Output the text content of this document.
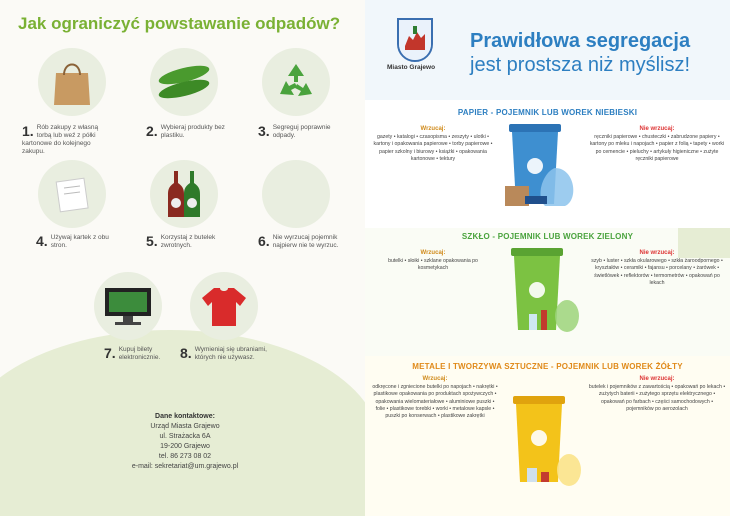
Jak ograniczyć powstawanie odpadów?
1. Rób zakupy z własną torbą lub weź z półki kartonowe do kolejnego zakupu.
2. Wybieraj produkty bez plastiku.	3. Segreguj poprawnie odpady.
4. Używaj kartek z obu stron.	5. Korzystaj z butelek zwrotnych.	6. Nie wyrzucaj pojemnik najpierw nie te wyrzuc.
7. Kupuj bilety elektronicznie.	8. Wymieniaj się ubraniami, których nie używasz.
Dane kontaktowe:
Urząd Miasta Grajewo
ul. Strażacka 6A
19-200 Grajewo
tel. 86 273 08 02
e-mail: sekretariat@um.grajewo.pl
Miasto Grajewo
Prawidłowa segregacja
jest prostsza niż myślisz!
PAPIER - POJEMNIK LUB WOREK NIEBIESKI
Wrzucaj:
gazety • katalogi • czasopisma • zeszyty • ulotki • kartony i opakowania papierowe • torby papierowe • papier szkolny i biurowy • książki • opakowania kartonowe • tektury
Nie wrzucaj:
ręczniki papierowe • chusteczki • zabrudzone papiery • kartony po mleku i napojach • papier z folią • tapety • worki po cemencie • pieluchy • artykuły higieniczne • zużyte ręczniki papierowe
SZKŁO - POJEMNIK LUB WOREK ZIELONY
Wrzucaj:
butelki • słoiki • szklane opakowania po kosmetykach
Nie wrzucaj:
szyb • luster • szkła okularowego • szkła żaroodpornego • kryształów • ceramiki • fajansu • porcelany • żarówek • świetlówek • reflektorów • termometrów • opakowań po lekach
METALE I TWORZYWA SZTUCZNE - POJEMNIK LUB WOREK ŻÓŁTY
Wrzucaj:
odkręcone i zgniecione butelki po napojach • nakrętki • plastikowe opakowania po produktach spożywczych • opakowania wielomateriałowe • aluminiowe puszki • folie • plastikowe torebki • worki • metalowe kapsle • puszki po konserwach • plastikowe zakrętki
Nie wrzucaj:
butelek i pojemników z zawartością • opakowań po lekach • zużytych baterii • zużytego sprzętu elektrycznego • opakowań po farbach • części samochodowych • pojemników po aerozolach
